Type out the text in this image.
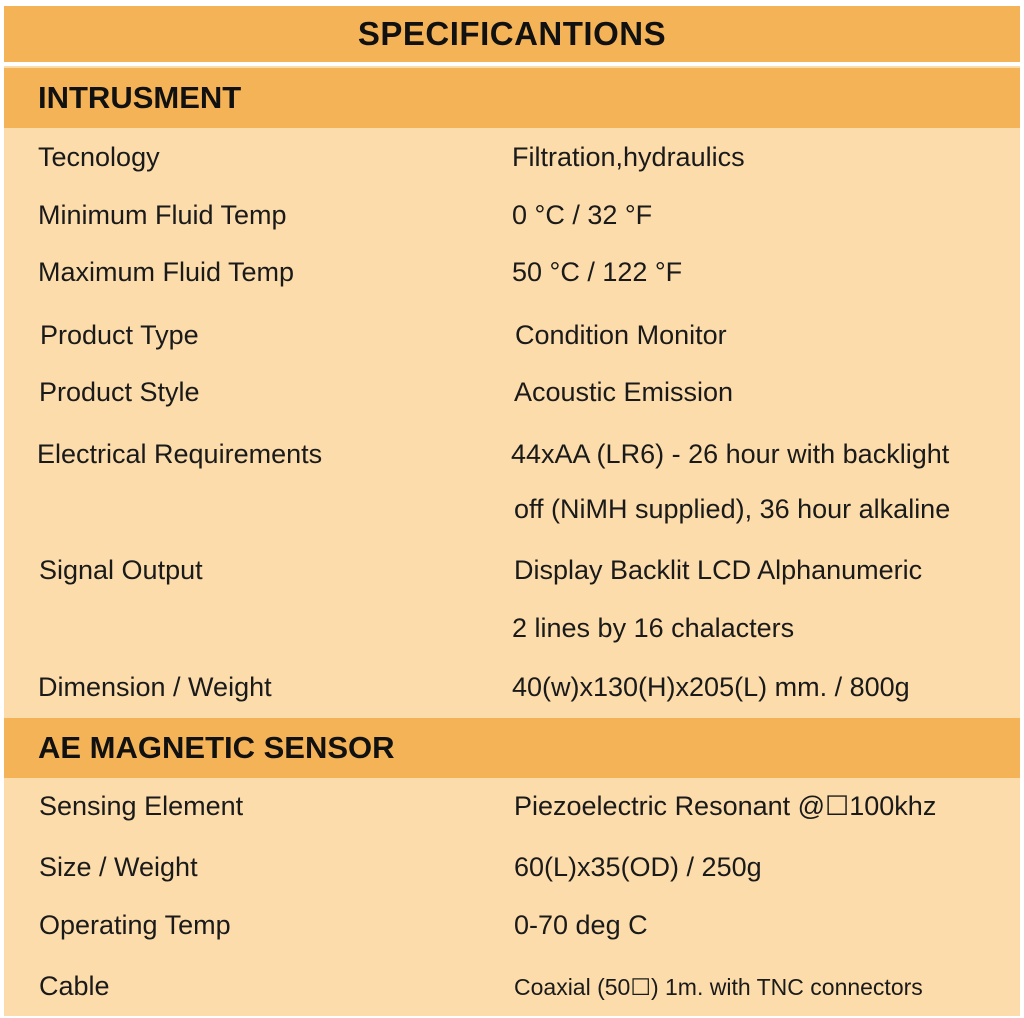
SPECIFICANTIONS
INTRUSMENT
Tecnology	Filtration,hydraulics
Minimum Fluid Temp	0 °C / 32 °F
Maximum Fluid Temp	50 °C / 122 °F
Product Type	Condition Monitor
Product Style	Acoustic Emission
Electrical Requirements	44xAA (LR6) - 26 hour with backlight
off (NiMH supplied), 36 hour alkaline
Signal Output	Display Backlit LCD Alphanumeric
2 lines by 16 chalacters
Dimension / Weight	40(w)x130(H)x205(L) mm. / 800g
AE MAGNETIC SENSOR
Sensing Element	Piezoelectric Resonant @☐100khz
Size / Weight	60(L)x35(OD) / 250g
Operating Temp	0-70 deg C
Cable	Coaxial (50☐) 1m. with TNC connectors
